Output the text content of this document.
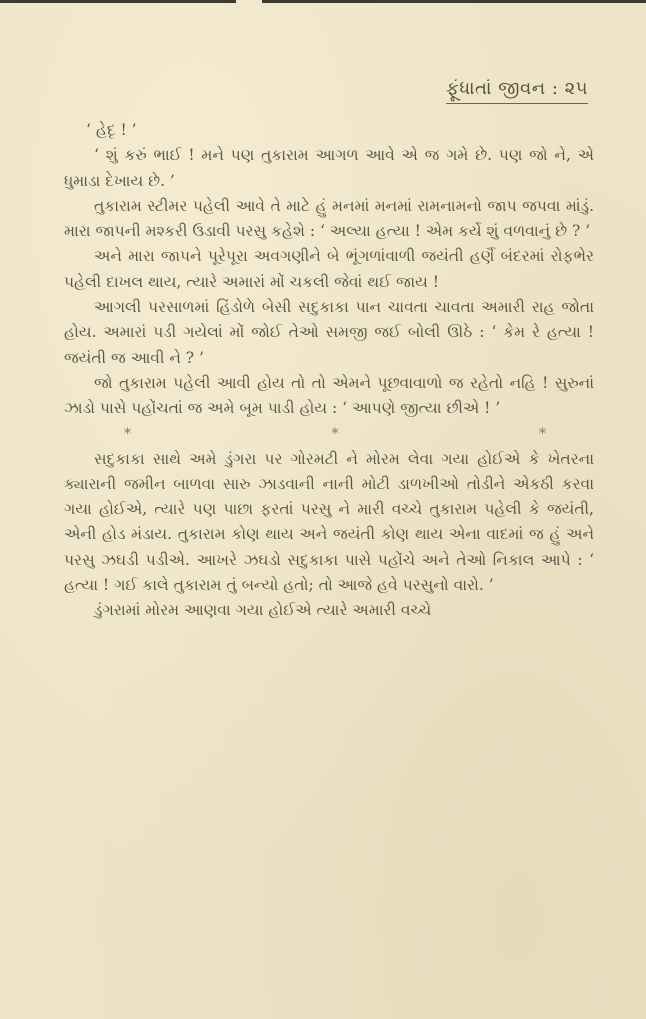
ફૂંધાતાં જીવન : ૨૫

‘ હેદૃ ! ’

‘ શું કરું ભાઈ ! મને પણ તુકારામ આગળ આવે એ જ ગમે છે. પણ જો ને, એ ધુમાડા દેખાય છે. ’

તુકારામ સ્ટીમર પહેલી આવે તે માટે હું મનમાં મનમાં રામનામનો જાપ જપવા માંડું. મારા જાપની મશ્કરી ઉડાવી પરસુ કહેશે : ‘ અલ્યા હત્યા ! એમ કર્યે શું વળવાનું છે ? ’

અને મારા જાપને પૂરેપૂરા અવગણીને બે ભૂંગળાંવાળી જયંતી હર્ણૈ બંદરમાં રોફભેર પહેલી દાખલ થાય, ત્યારે અમારાં મોં ચકલી જેવાં થઈ જાય !

આગલી પરસાળમાં હિંડોળે બેસી સદુકાકા પાન ચાવતા ચાવતા અમારી રાહ જોતા હોય. અમારાં પડી ગયેલાં મોં જોઈ તેઓ સમજી જઈ બોલી ઊઠે : ‘ કેમ રે હત્યા ! જયંતી જ આવી ને ? ’

જો તુકારામ પહેલી આવી હોય તો તો એમને પૂછવાવાળો જ રહેતો નહિ ! સુરુનાં ઝાડો પાસે પહોંચતાં જ અમે બૂમ પાડી હોય : ‘ આપણે જીત્યા છીએ ! ’

*	*	*

સદુકાકા સાથે અમે ડુંગરા પર ગોરમટી ને મોરમ લેવા ગયા હોઈએ કે ખેતરના ક્યારાની જમીન બાળવા સારુ ઝાડવાની નાની મોટી ડાળખીઓ તોડીને એકઠી કરવા ગયા હોઈએ, ત્યારે પણ પાછા ફરતાં પરસુ ને મારી વચ્ચે તુકારામ પહેલી કે જયંતી, એની હોડ મંડાય. તુકારામ કોણ થાય અને જયંતી કોણ થાય એના વાદમાં જ હું અને પરસુ ઝઘડી પડીએ. આખરે ઝઘડો સદુકાકા પાસે પહોંચે અને તેઓ નિકાલ આપે : ‘ હત્યા ! ગઈ કાલે તુકારામ તું બન્યો હતો; તો આજે હવે પરસુનો વારો. ’

ડુંગરામાં મોરમ આણવા ગયા હોઈએ ત્યારે અમારી વચ્ચે
